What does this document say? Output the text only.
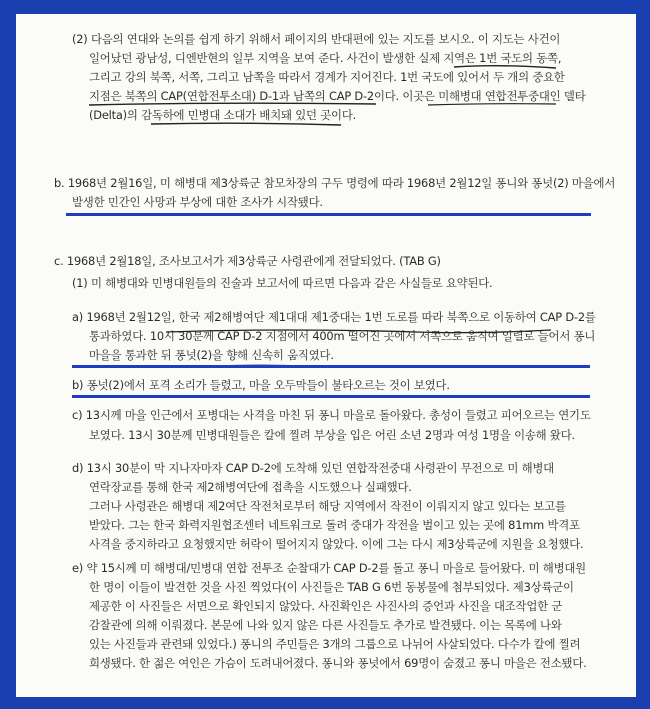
(2) 다음의 연대와 논의를 쉽게 하기 위해서 페이지의 반대편에 있는 지도를 보시오. 이 지도는 사건이
일어났던 광남성, 디엔반현의 일부 지역을 보여 준다. 사건이 발생한 실제 지역은 1번 국도의 동쪽,
그리고 강의 북쪽, 서쪽, 그리고 남쪽을 따라서 경계가 지어진다. 1번 국도에 있어서 두 개의 중요한
지점은 북쪽의 CAP(연합전투소대) D-1과 남쪽의 CAP D-2이다. 이곳은 미해병대 연합전투중대인 델타
(Delta)의 감독하에 민병대 소대가 배치돼 있던 곳이다.
b. 1968년 2월16일, 미 해병대 제3상륙군 참모차장의 구두 명령에 따라 1968년 2월12일 퐁니와 퐁넛(2) 마을에서
발생한 민간인 사망과 부상에 대한 조사가 시작됐다.
c. 1968년 2월18일, 조사보고서가 제3상륙군 사령관에게 전달되었다. (TAB G)
(1) 미 해병대와 민병대원들의 진술과 보고서에 따르면 다음과 같은 사실들로 요약된다.
a) 1968년 2월12일, 한국 제2해병여단 제1대대 제1중대는 1번 도로를 따라 북쪽으로 이동하여 CAP D-2를
통과하였다. 10시 30분께 CAP D-2 지점에서 400m 떨어진 곳에서 서쪽으로 움직여 일렬로 늘어서 퐁니
마을을 통과한 뒤 퐁넛(2)을 향해 신속히 움직였다.
b) 퐁넛(2)에서 포격 소리가 들렸고, 마을 오두막들이 불타오르는 것이 보였다.
c) 13시께 마을 인근에서 포병대는 사격을 마친 뒤 퐁니 마을로 돌아왔다. 총성이 들렸고 피어오르는 연기도
보였다. 13시 30분께 민병대원들은 칼에 찔려 부상을 입은 어린 소년 2명과 여성 1명을 이송해 왔다.
d) 13시 30분이 막 지나자마자 CAP D-2에 도착해 있던 연합작전중대 사령관이 무전으로 미 해병대
연락장교를 통해 한국 제2해병여단에 접촉을 시도했으나 실패했다.
그러나 사령관은 해병대 제2여단 작전처로부터 해당 지역에서 작전이 이뤄지지 않고 있다는 보고를
받았다. 그는 한국 화력지원협조센터 네트워크로 돌려 중대가 작전을 벌이고 있는 곳에 81mm 박격포
사격을 중지하라고 요청했지만 허락이 떨어지지 않았다. 이에 그는 다시 제3상륙군에 지원을 요청했다.
e) 약 15시께 미 해병대/민병대 연합 전투조 순찰대가 CAP D-2를 돌고 퐁니 마을로 들어왔다. 미 해병대원
한 명이 이들이 발견한 것을 사진 찍었다(이 사진들은 TAB G 6번 동봉물에 첨부되었다. 제3상륙군이
제공한 이 사진들은 서면으로 확인되지 않았다. 사진확인은 사진사의 증언과 사진을 대조작업한 군
감찰관에 의해 이뤄졌다. 본문에 나와 있지 않은 다른 사진들도 추가로 발견됐다. 이는 목록에 나와
있는 사진들과 관련돼 있었다.) 퐁니의 주민들은 3개의 그룹으로 나뉘어 사살되었다. 다수가 칼에 찔려
희생됐다. 한 젊은 여인은 가슴이 도려내어졌다. 퐁니와 퐁넛에서 69명이 숨졌고 퐁니 마을은 전소됐다.
